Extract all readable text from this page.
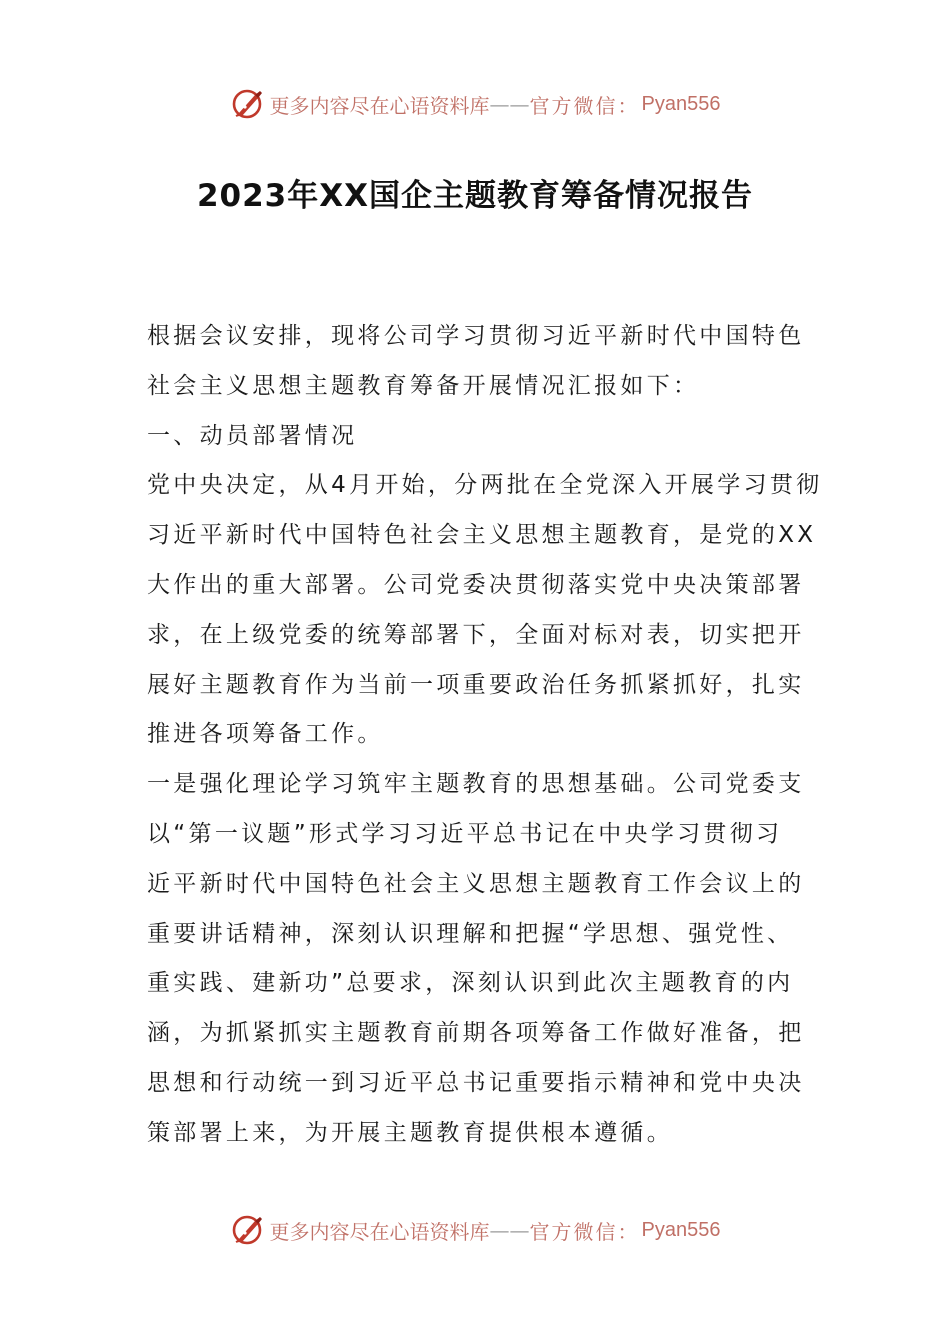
更多内容尽在心语资料库 —— 官方微信： Pyan556
2023年XX国企主题教育筹备情况报告
根据会议安排，现将公司学习贯彻习近平新时代中国特色
社会主义思想主题教育筹备开展情况汇报如下：
一、动员部署情况
党中央决定，从4月开始，分两批在全党深入开展学习贯彻
习近平新时代中国特色社会主义思想主题教育，是党的XX
大作出的重大部署。公司党委决贯彻落实党中央决策部署
求，在上级党委的统筹部署下，全面对标对表，切实把开
展好主题教育作为当前一项重要政治任务抓紧抓好，扎实
推进各项筹备工作。
一是强化理论学习筑牢主题教育的思想基础。公司党委支
以“第一议题”形式学习习近平总书记在中央学习贯彻习
近平新时代中国特色社会主义思想主题教育工作会议上的
重要讲话精神，深刻认识理解和把握“学思想、强党性、
重实践、建新功”总要求，深刻认识到此次主题教育的内
涵，为抓紧抓实主题教育前期各项筹备工作做好准备，把
思想和行动统一到习近平总书记重要指示精神和党中央决
策部署上来，为开展主题教育提供根本遵循。
更多内容尽在心语资料库 —— 官方微信： Pyan556
